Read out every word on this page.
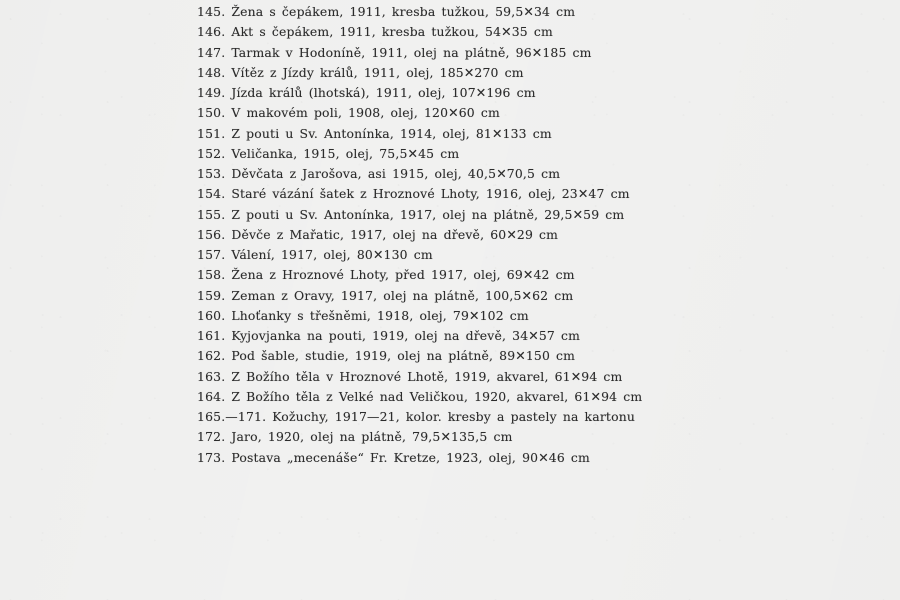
145. Žena s čepákem, 1911, kresba tužkou, 59,5✕34 cm
146. Akt s čepákem, 1911, kresba tužkou, 54✕35 cm
147. Tarmak v Hodoníně, 1911, olej na plátně, 96✕185 cm
148. Vítěz z Jízdy králů, 1911, olej, 185✕270 cm
149. Jízda králů (lhotská), 1911, olej, 107✕196 cm
150. V makovém poli, 1908, olej, 120✕60 cm
151. Z pouti u Sv. Antonínka, 1914, olej, 81✕133 cm
152. Veličanka, 1915, olej, 75,5✕45 cm
153. Děvčata z Jarošova, asi 1915, olej, 40,5✕70,5 cm
154. Staré vázání šatek z Hroznové Lhoty, 1916, olej, 23✕47 cm
155. Z pouti u Sv. Antonínka, 1917, olej na plátně, 29,5✕59 cm
156. Děvče z Mařatic, 1917, olej na dřevě, 60✕29 cm
157. Válení, 1917, olej, 80✕130 cm
158. Žena z Hroznové Lhoty, před 1917, olej, 69✕42 cm
159. Zeman z Oravy, 1917, olej na plátně, 100,5✕62 cm
160. Lhoťanky s třešněmi, 1918, olej, 79✕102 cm
161. Kyjovjanka na pouti, 1919, olej na dřevě, 34✕57 cm
162. Pod šable, studie, 1919, olej na plátně, 89✕150 cm
163. Z Božího těla v Hroznové Lhotě, 1919, akvarel, 61✕94 cm
164. Z Božího těla z Velké nad Veličkou, 1920, akvarel, 61✕94 cm
165.—171. Kožuchy, 1917—21, kolor. kresby a pastely na kartonu
172. Jaro, 1920, olej na plátně, 79,5✕135,5 cm
173. Postava „mecenáše“ Fr. Kretze, 1923, olej, 90✕46 cm
